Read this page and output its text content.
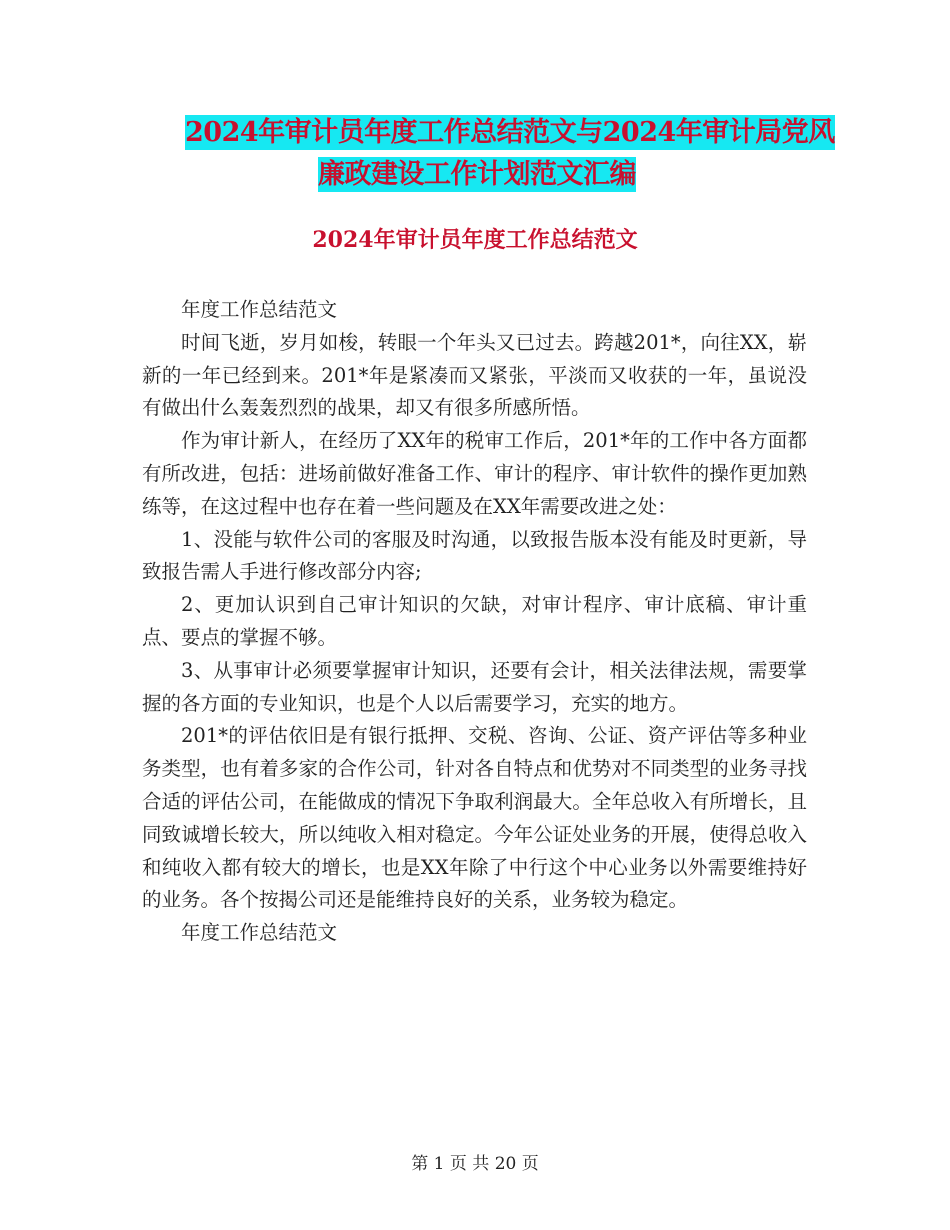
2024年审计员年度工作总结范文与2024年审计局党风
廉政建设工作计划范文汇编
2024年审计员年度工作总结范文

年度工作总结范文

时间飞逝，岁月如梭，转眼一个年头又已过去。跨越201*，向往XX，崭新的一年已经到来。201*年是紧凑而又紧张，平淡而又收获的一年，虽说没有做出什么轰轰烈烈的战果，却又有很多所感所悟。

作为审计新人，在经历了XX年的税审工作后，201*年的工作中各方面都有所改进，包括：进场前做好准备工作、审计的程序、审计软件的操作更加熟练等，在这过程中也存在着一些问题及在XX年需要改进之处：

1、没能与软件公司的客服及时沟通，以致报告版本没有能及时更新，导致报告需人手进行修改部分内容;

2、更加认识到自己审计知识的欠缺，对审计程序、审计底稿、审计重点、要点的掌握不够。

3、从事审计必须要掌握审计知识，还要有会计，相关法律法规，需要掌握的各方面的专业知识，也是个人以后需要学习，充实的地方。

201*的评估依旧是有银行抵押、交税、咨询、公证、资产评估等多种业务类型，也有着多家的合作公司，针对各自特点和优势对不同类型的业务寻找合适的评估公司，在能做成的情况下争取利润最大。全年总收入有所增长，且同致诚增长较大，所以纯收入相对稳定。今年公证处业务的开展，使得总收入和纯收入都有较大的增长，也是XX年除了中行这个中心业务以外需要维持好的业务。各个按揭公司还是能维持良好的关系，业务较为稳定。

年度工作总结范文

第 1 页 共 20 页
